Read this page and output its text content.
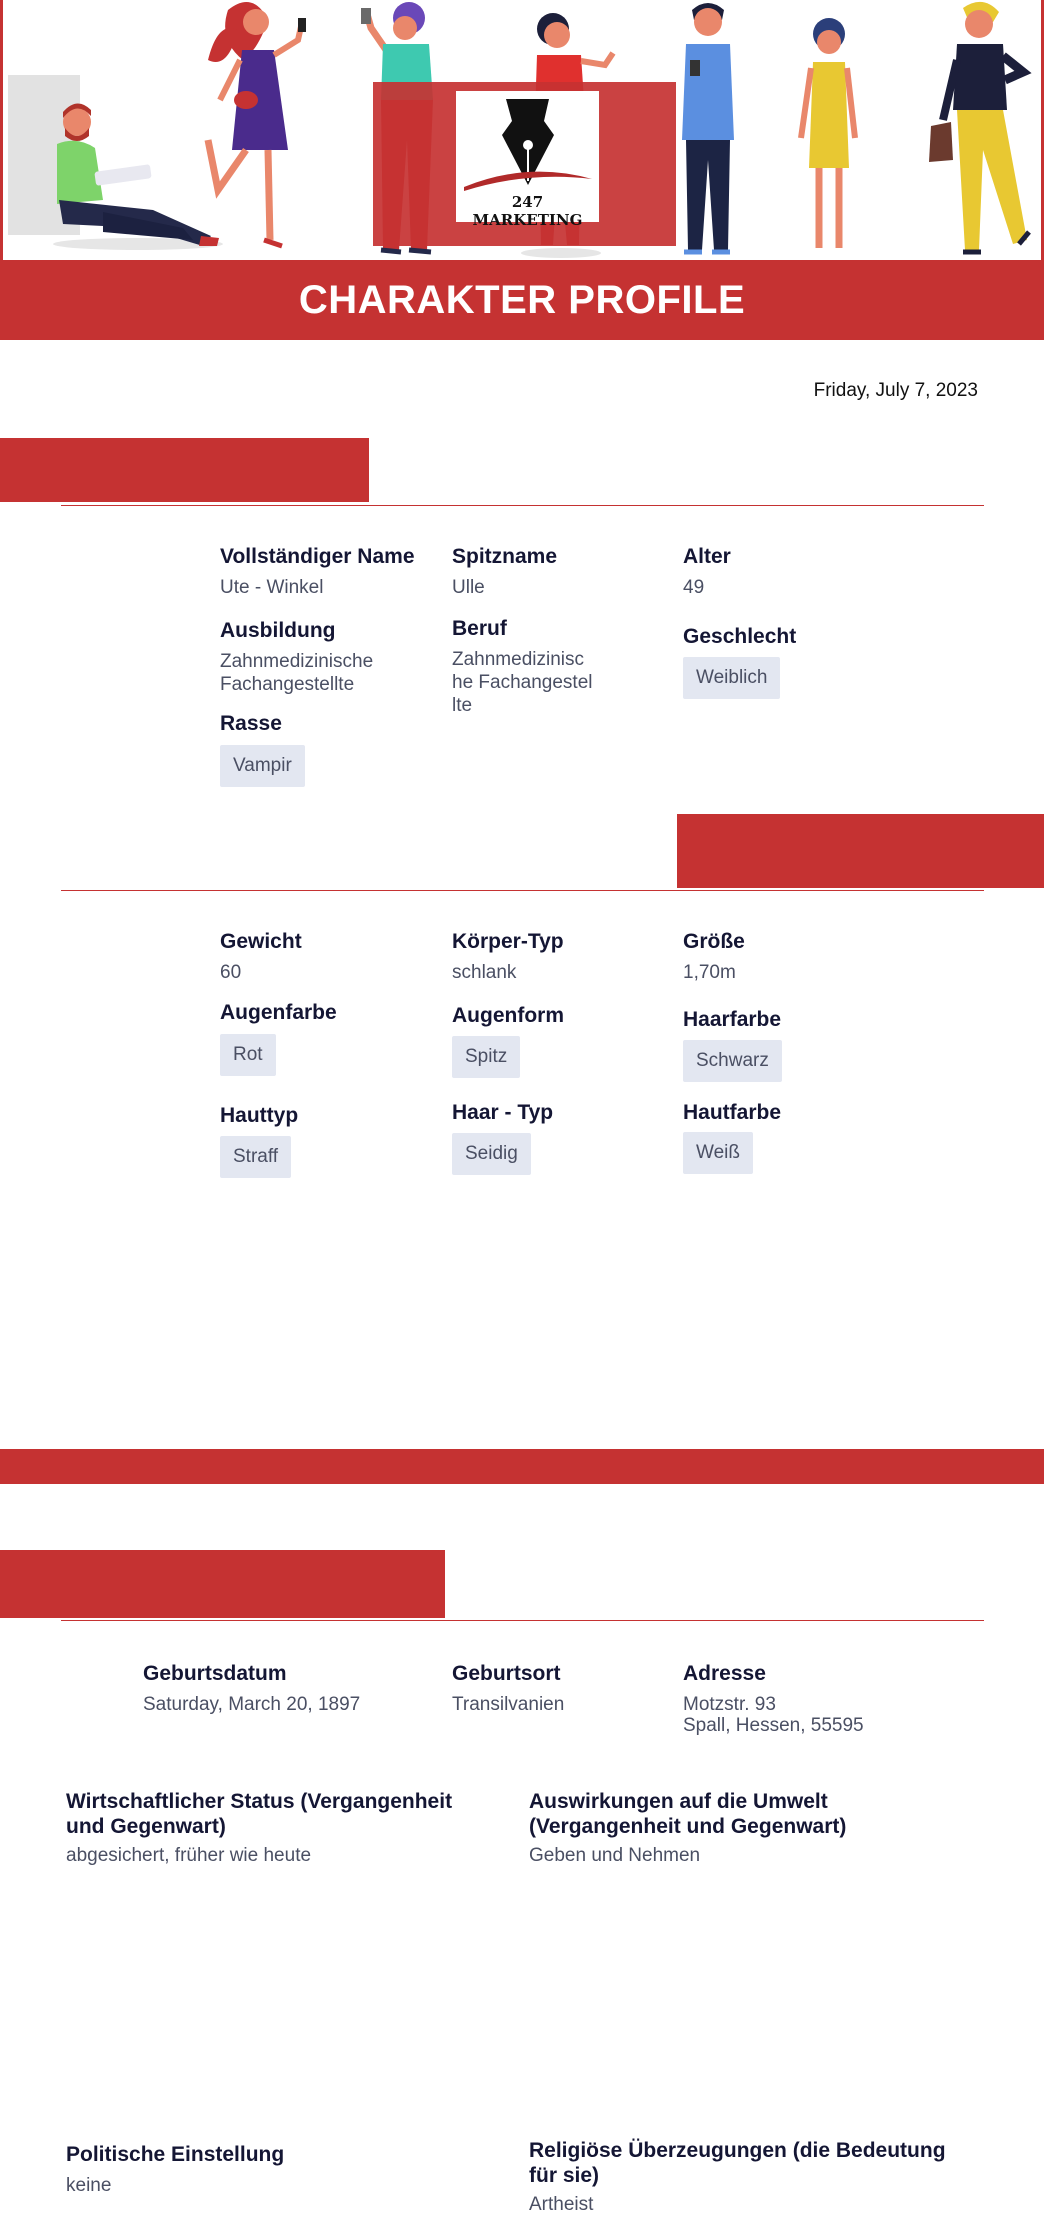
247 MARKETING
CHARAKTER PROFILE
Friday, July 7, 2023
Vollständiger Name
Ute - Winkel
Spitzname
Ulle
Alter
49
Ausbildung
Zahnmedizinische Fachangestellte
Beruf
Zahnmedizinische Fachangestellte
Geschlecht
Weiblich
Rasse
Vampir
Gewicht
60
Körper-Typ
schlank
Größe
1,70m
Augenfarbe
Rot
Augenform
Spitz
Haarfarbe
Schwarz
Hauttyp
Straff
Haar - Typ
Seidig
Hautfarbe
Weiß
Geburtsdatum
Saturday, March 20, 1897
Geburtsort
Transilvanien
Adresse
Motzstr. 93
Spall, Hessen, 55595
Wirtschaftlicher Status (Vergangenheit und Gegenwart)
abgesichert, früher wie heute
Auswirkungen auf die Umwelt (Vergangenheit und Gegenwart)
Geben und Nehmen
Politische Einstellung
keine
Religiöse Überzeugungen (die Bedeutung für sie)
Artheist
